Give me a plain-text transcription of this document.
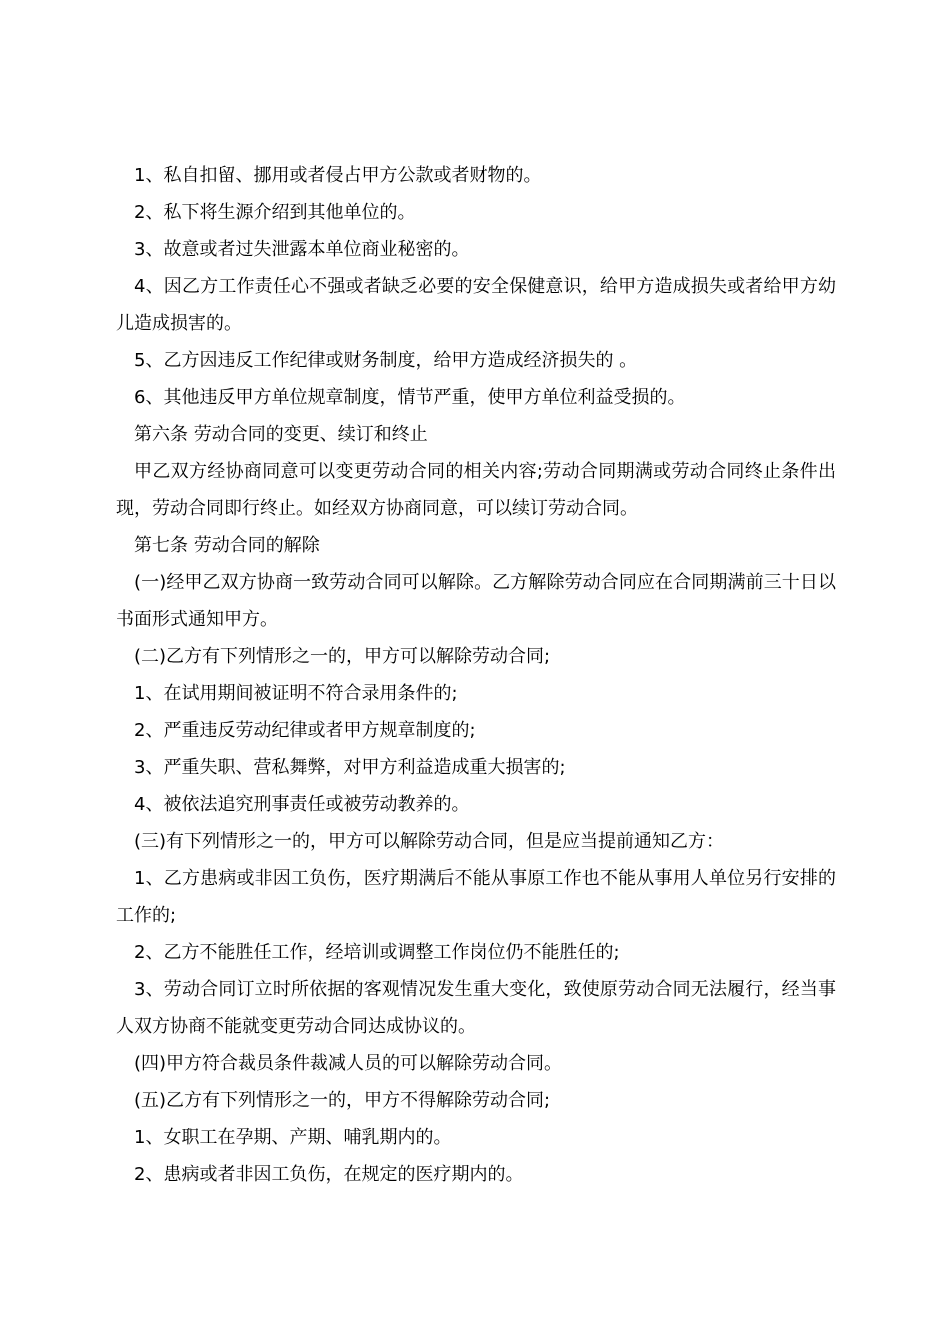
1、私自扣留、挪用或者侵占甲方公款或者财物的。

2、私下将生源介绍到其他单位的。

3、故意或者过失泄露本单位商业秘密的。

4、因乙方工作责任心不强或者缺乏必要的安全保健意识，给甲方造成损失或者给甲方幼儿造成损害的。

5、乙方因违反工作纪律或财务制度，给甲方造成经济损失的 。

6、其他违反甲方单位规章制度，情节严重，使甲方单位利益受损的。

第六条 劳动合同的变更、续订和终止

甲乙双方经协商同意可以变更劳动合同的相关内容;劳动合同期满或劳动合同终止条件出现，劳动合同即行终止。如经双方协商同意，可以续订劳动合同。

第七条 劳动合同的解除

(一)经甲乙双方协商一致劳动合同可以解除。乙方解除劳动合同应在合同期满前三十日以书面形式通知甲方。

(二)乙方有下列情形之一的，甲方可以解除劳动合同;

1、在试用期间被证明不符合录用条件的;

2、严重违反劳动纪律或者甲方规章制度的;

3、严重失职、营私舞弊，对甲方利益造成重大损害的;

4、被依法追究刑事责任或被劳动教养的。

(三)有下列情形之一的，甲方可以解除劳动合同，但是应当提前通知乙方：

1、乙方患病或非因工负伤，医疗期满后不能从事原工作也不能从事用人单位另行安排的工作的;

2、乙方不能胜任工作，经培训或调整工作岗位仍不能胜任的;

3、劳动合同订立时所依据的客观情况发生重大变化，致使原劳动合同无法履行，经当事人双方协商不能就变更劳动合同达成协议的。

(四)甲方符合裁员条件裁减人员的可以解除劳动合同。

(五)乙方有下列情形之一的，甲方不得解除劳动合同;

1、女职工在孕期、产期、哺乳期内的。

2、患病或者非因工负伤，在规定的医疗期内的。
